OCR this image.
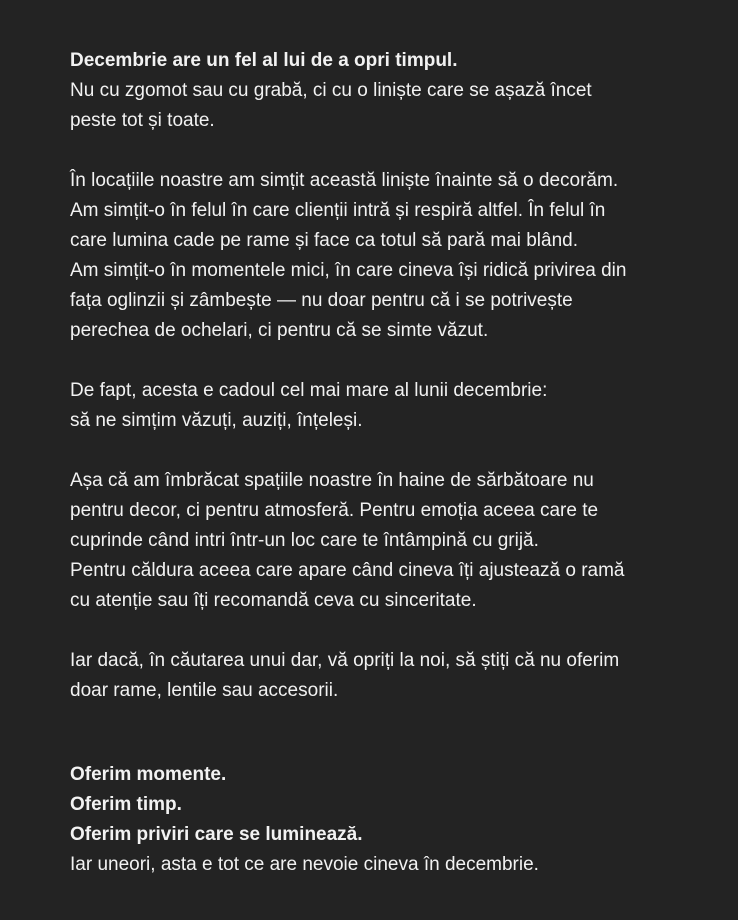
Decembrie are un fel al lui de a opri timpul.
Nu cu zgomot sau cu grabă, ci cu o liniște care se așază încet
peste tot și toate.

În locațiile noastre am simțit această liniște înainte să o decorăm.
Am simțit-o în felul în care clienții intră și respiră altfel. În felul în
care lumina cade pe rame și face ca totul să pară mai blând.
Am simțit-o în momentele mici, în care cineva își ridică privirea din
fața oglinzii și zâmbește — nu doar pentru că i se potrivește
perechea de ochelari, ci pentru că se simte văzut.

De fapt, acesta e cadoul cel mai mare al lunii decembrie:
să ne simțim văzuți, auziți, înțeleși.

Așa că am îmbrăcat spațiile noastre în haine de sărbătoare nu
pentru decor, ci pentru atmosferă. Pentru emoția aceea care te
cuprinde când intri într-un loc care te întâmpină cu grijă.
Pentru căldura aceea care apare când cineva îți ajustează o ramă
cu atenție sau îți recomandă ceva cu sinceritate.

Iar dacă, în căutarea unui dar, vă opriți la noi, să știți că nu oferim
doar rame, lentile sau accesorii.

Oferim momente.
Oferim timp.
Oferim priviri care se luminează.
Iar uneori, asta e tot ce are nevoie cineva în decembrie.
